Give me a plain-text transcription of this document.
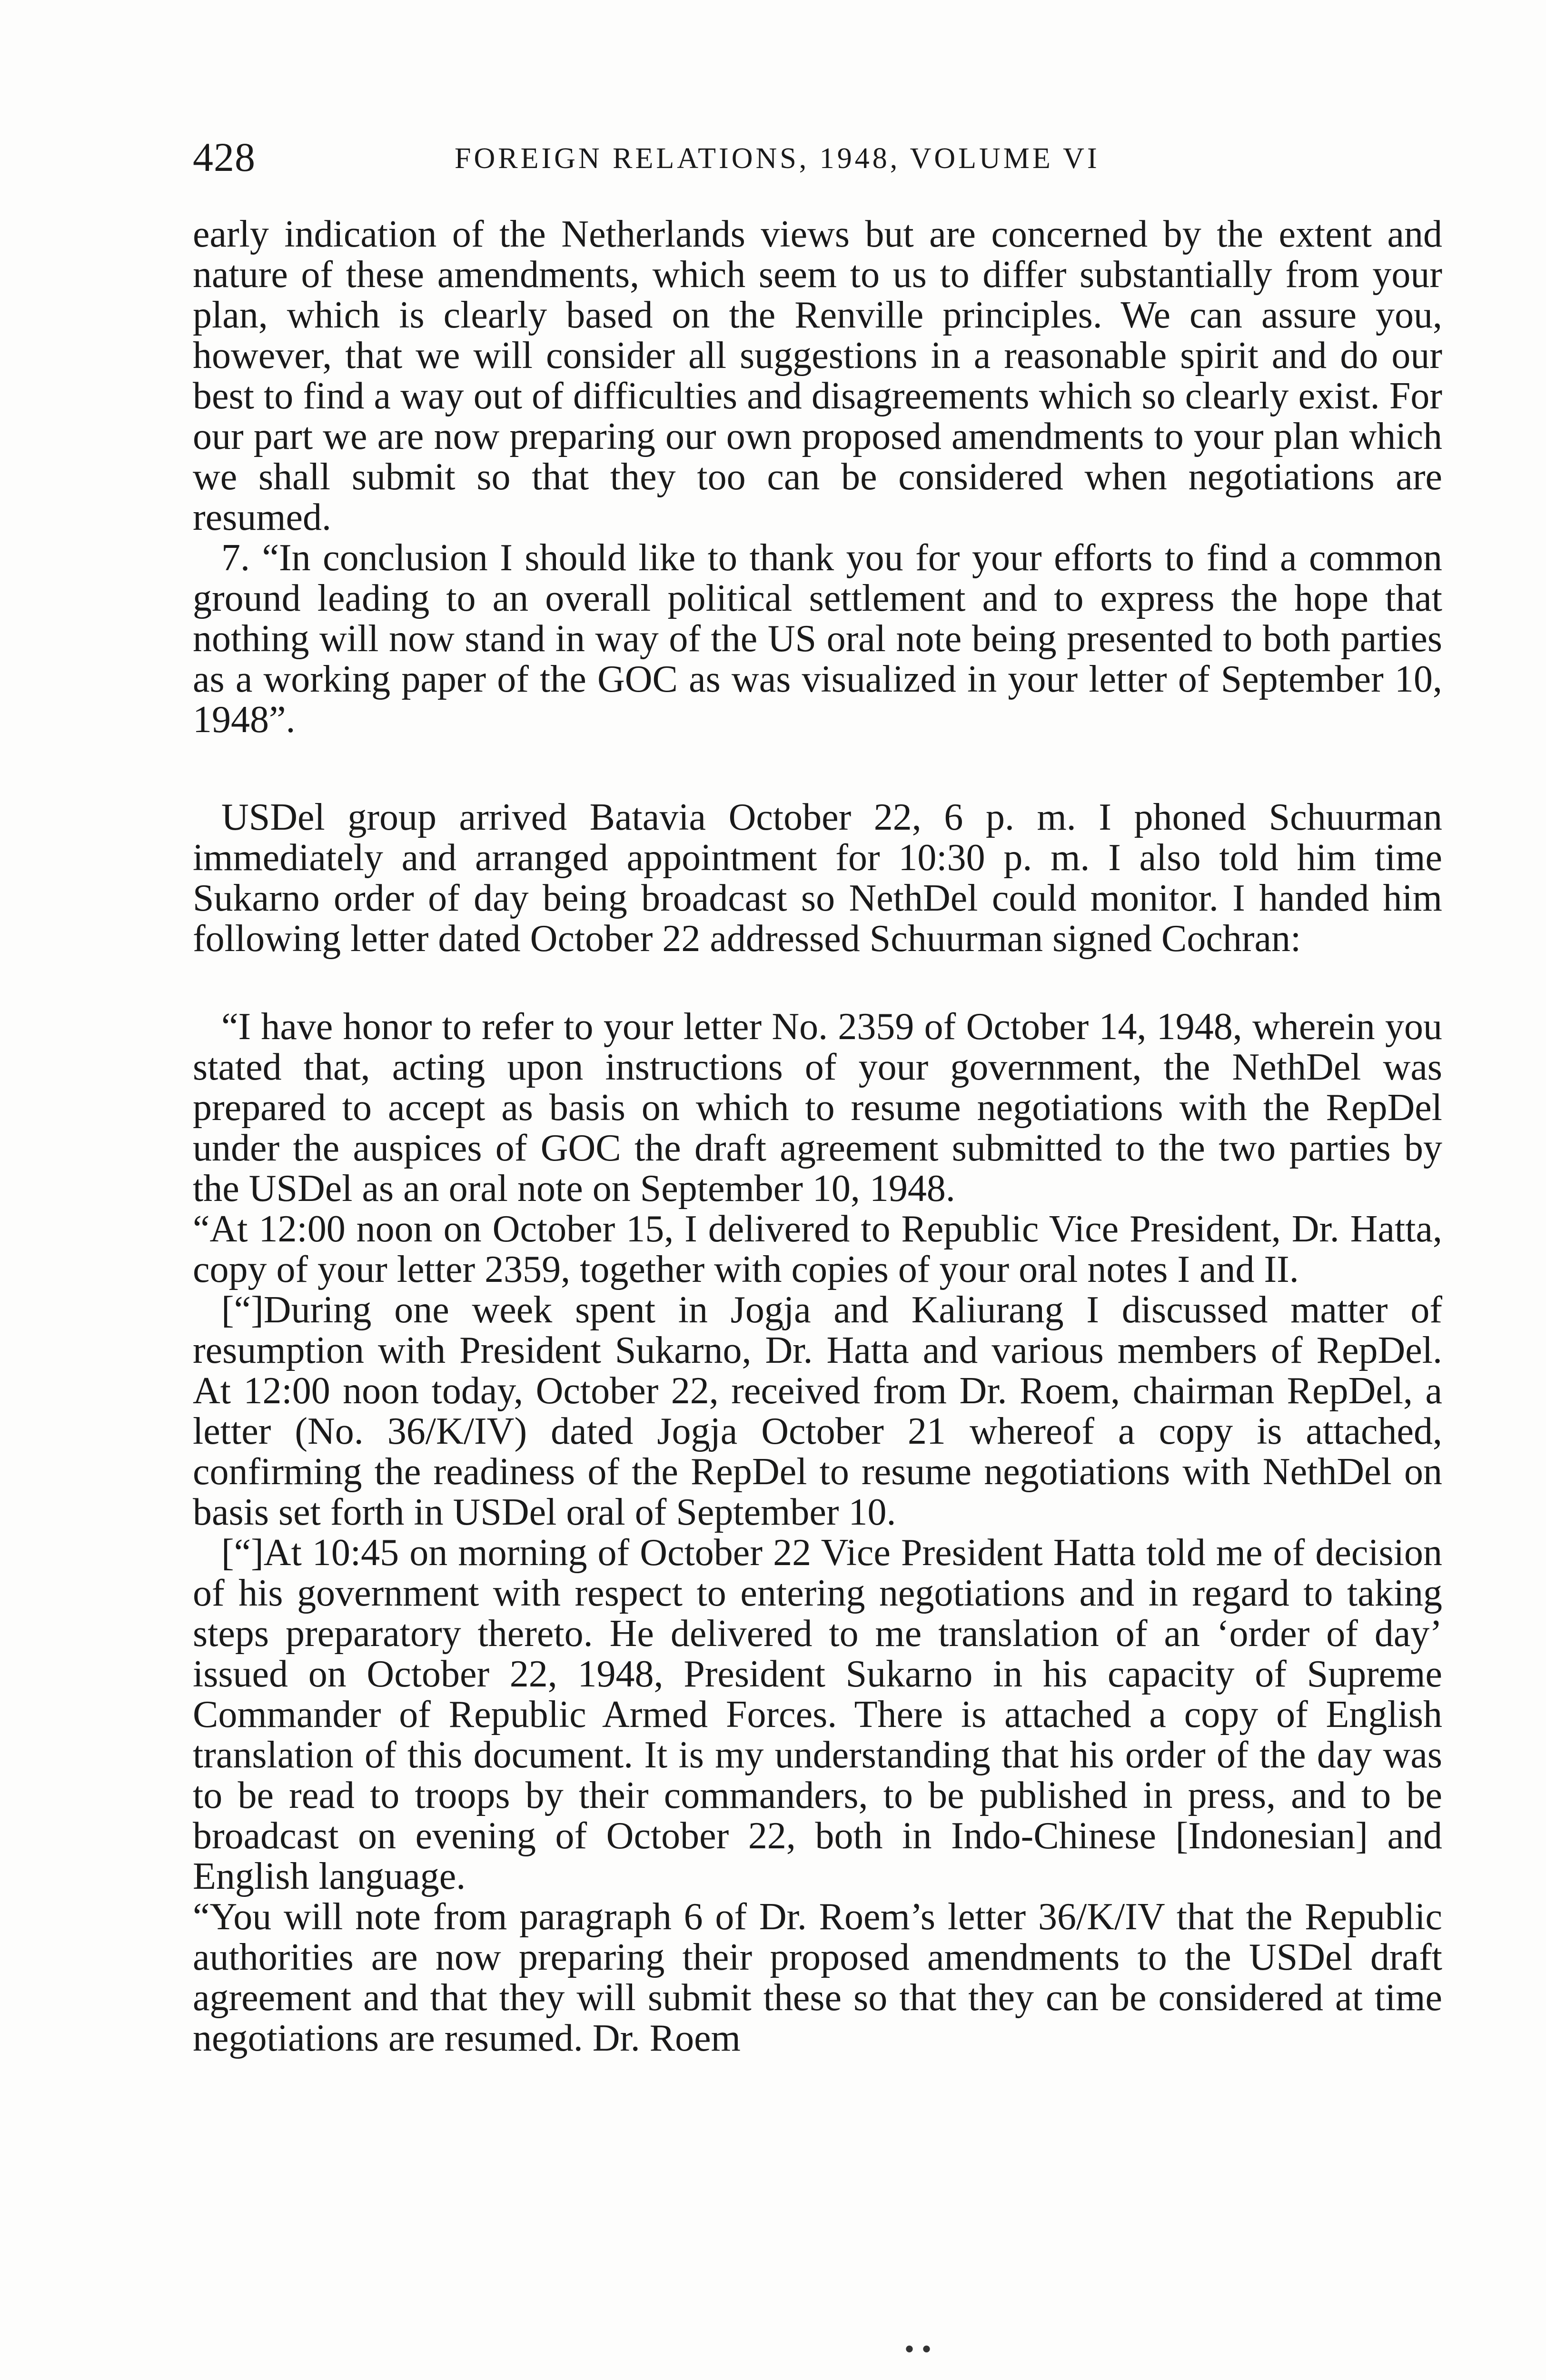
428	FOREIGN RELATIONS, 1948, VOLUME VI

early indication of the Netherlands views but are concerned by the extent and nature of these amendments, which seem to us to differ substantially from your plan, which is clearly based on the Renville principles. We can assure you, however, that we will consider all suggestions in a reasonable spirit and do our best to find a way out of difficulties and disagreements which so clearly exist. For our part we are now preparing our own proposed amendments to your plan which we shall submit so that they too can be considered when negotiations are resumed.

7. “In conclusion I should like to thank you for your efforts to find a common ground leading to an overall political settlement and to express the hope that nothing will now stand in way of the US oral note being presented to both parties as a working paper of the GOC as was visualized in your letter of September 10, 1948”.

USDel group arrived Batavia October 22, 6 p. m. I phoned Schuurman immediately and arranged appointment for 10:30 p. m. I also told him time Sukarno order of day being broadcast so NethDel could monitor. I handed him following letter dated October 22 addressed Schuurman signed Cochran:

“I have honor to refer to your letter No. 2359 of October 14, 1948, wherein you stated that, acting upon instructions of your government, the NethDel was prepared to accept as basis on which to resume negotiations with the RepDel under the auspices of GOC the draft agreement submitted to the two parties by the USDel as an oral note on September 10, 1948.

“At 12:00 noon on October 15, I delivered to Republic Vice President, Dr. Hatta, copy of your letter 2359, together with copies of your oral notes I and II.

[“]During one week spent in Jogja and Kaliurang I discussed matter of resumption with President Sukarno, Dr. Hatta and various members of RepDel. At 12:00 noon today, October 22, received from Dr. Roem, chairman RepDel, a letter (No. 36/K/IV) dated Jogja October 21 whereof a copy is attached, confirming the readiness of the RepDel to resume negotiations with NethDel on basis set forth in USDel oral of September 10.

[“]At 10:45 on morning of October 22 Vice President Hatta told me of decision of his government with respect to entering negotiations and in regard to taking steps preparatory thereto. He delivered to me translation of an ‘order of day’ issued on October 22, 1948, President Sukarno in his capacity of Supreme Commander of Republic Armed Forces. There is attached a copy of English translation of this document. It is my understanding that his order of the day was to be read to troops by their commanders, to be published in press, and to be broadcast on evening of October 22, both in Indo-Chinese [Indonesian] and English language.

“You will note from paragraph 6 of Dr. Roem’s letter 36/K/IV that the Republic authorities are now preparing their proposed amendments to the USDel draft agreement and that they will submit these so that they can be considered at time negotiations are resumed. Dr. Roem

• •
